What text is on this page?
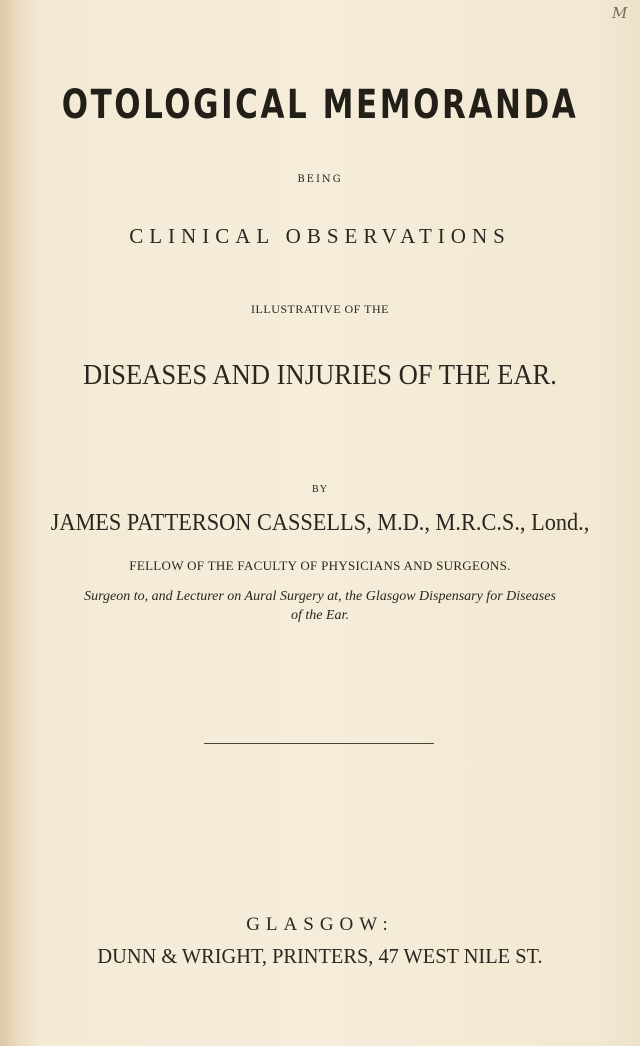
M
OTOLOGICAL MEMORANDA
BEING
CLINICAL OBSERVATIONS
ILLUSTRATIVE OF THE
DISEASES AND INJURIES OF THE EAR.
BY
JAMES PATTERSON CASSELLS, M.D., M.R.C.S., Lond.,
FELLOW OF THE FACULTY OF PHYSICIANS AND SURGEONS.
Surgeon to, and Lecturer on Aural Surgery at, the Glasgow Dispensary for Diseases
of the Ear.
GLASGOW:
DUNN & WRIGHT, PRINTERS, 47 WEST NILE ST.
